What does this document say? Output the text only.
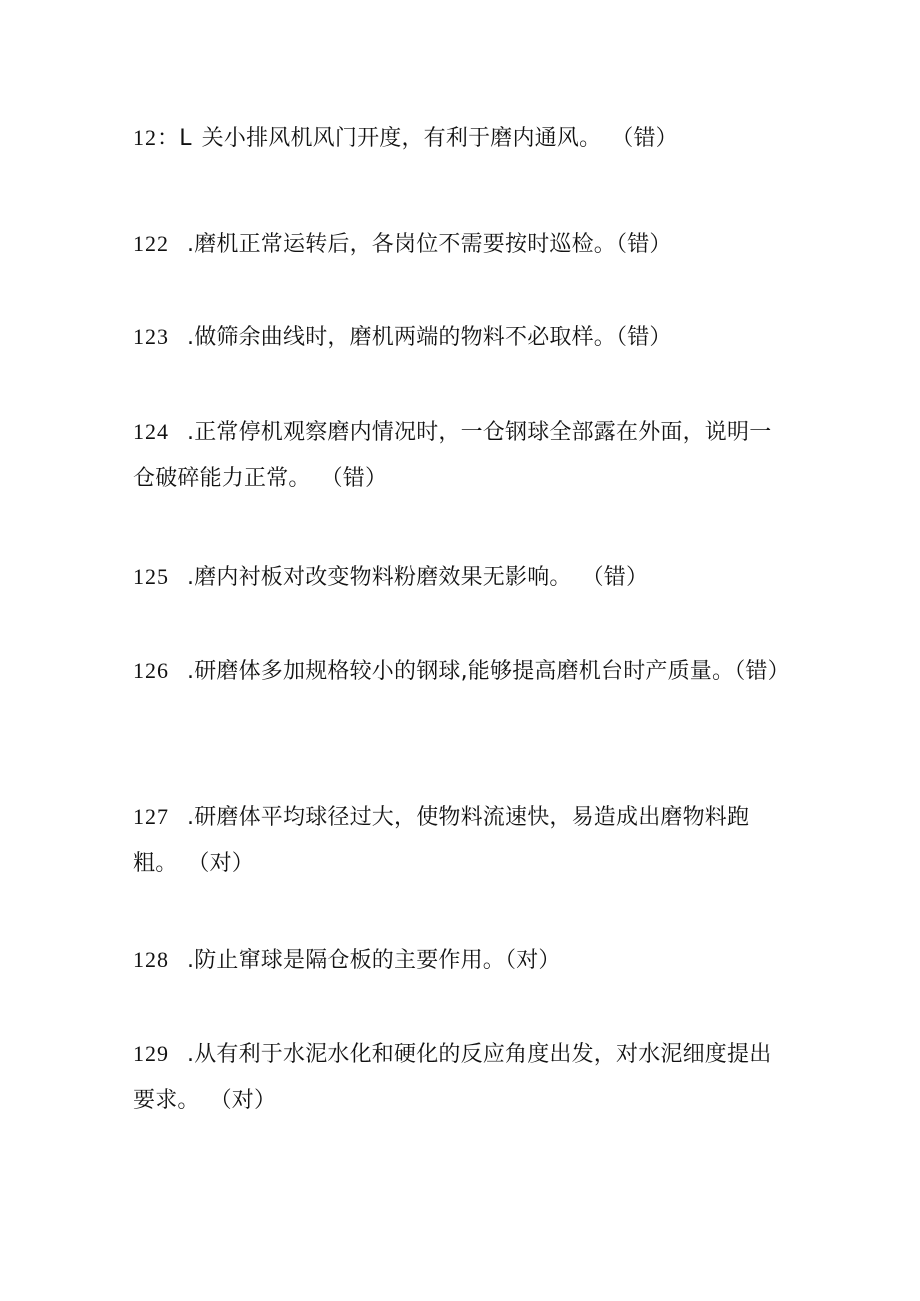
12：L 关小排风机风门开度，有利于磨内通风。 （错）
122 .磨机正常运转后，各岗位不需要按时巡检。（错）
123 .做筛余曲线时，磨机两端的物料不必取样。（错）
124 .正常停机观察磨内情况时，一仓钢球全部露在外面，说明一仓破碎能力正常。 （错）
125 .磨内衬板对改变物料粉磨效果无影响。 （错）
126 .研磨体多加规格较小的钢球,能够提高磨机台时产质量。（错）
127 .研磨体平均球径过大，使物料流速快，易造成出磨物料跑粗。 （对）
128 .防止窜球是隔仓板的主要作用。（对）
129 .从有利于水泥水化和硬化的反应角度出发，对水泥细度提出要求。 （对）
